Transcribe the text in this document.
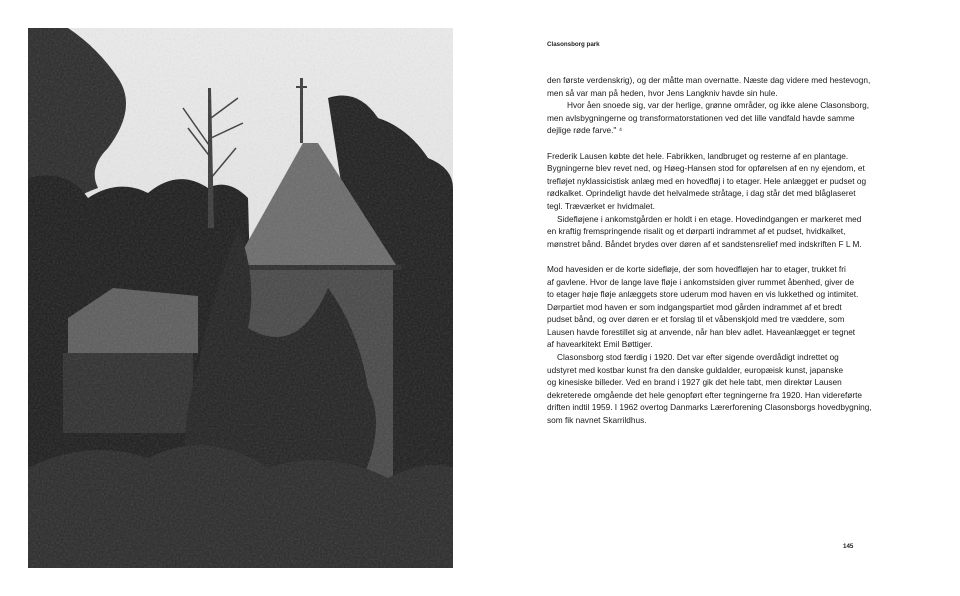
Clasonsborg park

den første verdenskrig), og der måtte man overnatte. Næste dag videre med hestevogn,
men så var man på heden, hvor Jens Langkniv havde sin hule.

Hvor åen snoede sig, var der herlige, grønne områder, og ikke alene Clasonsborg,
men avlsbygningerne og transformatorstationen ved det lille vandfald havde samme
dejlige røde farve." ⁴

Frederik Lausen købte det hele. Fabrikken, landbruget og resterne af en plantage.
Bygningerne blev revet ned, og Høeg-Hansen stod for opførelsen af en ny ejendom, et
trefløjet nyklassicistisk anlæg med en hovedfløj i to etager. Hele anlægget er pudset og
rødkalket. Oprindeligt havde det helvalmede stråtage, i dag står det med blåglaseret
tegl. Træværket er hvidmalet.

Sidefløjene i ankomstgården er holdt i en etage. Hovedindgangen er markeret med
en kraftig fremspringende risalit og et dørparti indrammet af et pudset, hvidkalket,
mønstret bånd. Båndet brydes over døren af et sandstensrelief med indskriften F L M.

Mod havesiden er de korte sidefløje, der som hovedfløjen har to etager, trukket fri
af gavlene. Hvor de lange lave fløje i ankomstsiden giver rummet åbenhed, giver de
to etager høje fløje anlæggets store uderum mod haven en vis lukkethed og intimitet.
Dørpartiet mod haven er som indgangspartiet mod gården indrammet af et bredt
pudset bånd, og over døren er et forslag til et våbenskjold med tre væddere, som
Lausen havde forestillet sig at anvende, når han blev adlet. Haveanlægget er tegnet
af havearkitekt Emil Bøttiger.

Clasonsborg stod færdig i 1920. Det var efter sigende overdådigt indrettet og
udstyret med kostbar kunst fra den danske guldalder, europæisk kunst, japanske
og kinesiske billeder. Ved en brand i 1927 gik det hele tabt, men direktør Lausen
dekreterede omgående det hele genopført efter tegningerne fra 1920. Han videreførte
driften indtil 1959. I 1962 overtog Danmarks Lærerforening Clasonsborgs hovedbygning,
som fik navnet Skarrildhus.

145
